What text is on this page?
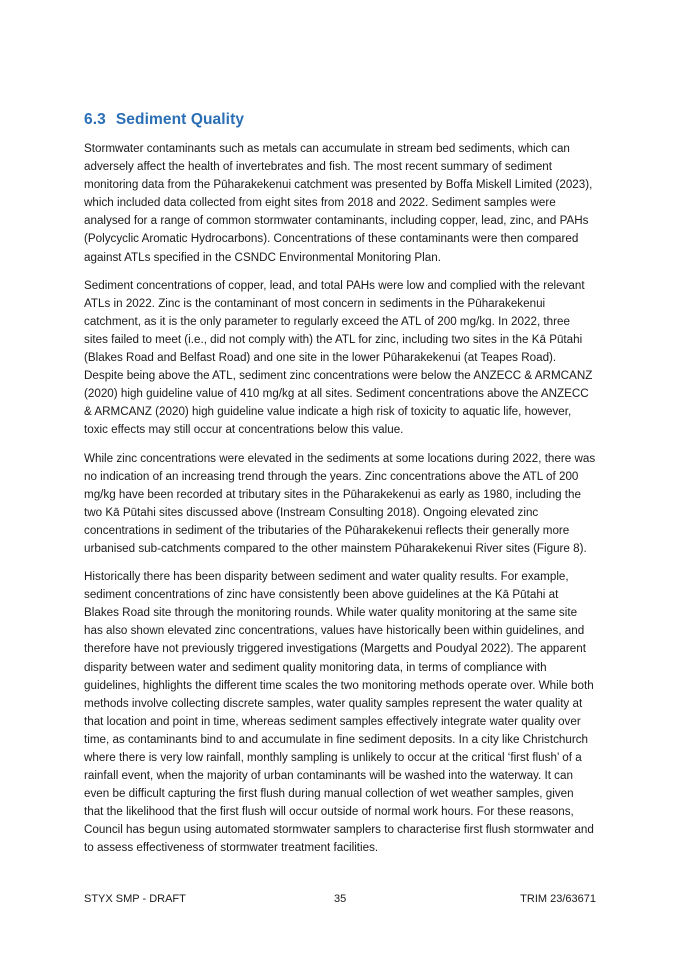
6.3 Sediment Quality

Stormwater contaminants such as metals can accumulate in stream bed sediments, which can adversely affect the health of invertebrates and fish. The most recent summary of sediment monitoring data from the Pūharakekenui catchment was presented by Boffa Miskell Limited (2023), which included data collected from eight sites from 2018 and 2022. Sediment samples were analysed for a range of common stormwater contaminants, including copper, lead, zinc, and PAHs (Polycyclic Aromatic Hydrocarbons). Concentrations of these contaminants were then compared against ATLs specified in the CSNDC Environmental Monitoring Plan.

Sediment concentrations of copper, lead, and total PAHs were low and complied with the relevant ATLs in 2022. Zinc is the contaminant of most concern in sediments in the Pūharakekenui catchment, as it is the only parameter to regularly exceed the ATL of 200 mg/kg. In 2022, three sites failed to meet (i.e., did not comply with) the ATL for zinc, including two sites in the Kā Pūtahi (Blakes Road and Belfast Road) and one site in the lower Pūharakekenui (at Teapes Road). Despite being above the ATL, sediment zinc concentrations were below the ANZECC & ARMCANZ (2020) high guideline value of 410 mg/kg at all sites. Sediment concentrations above the ANZECC & ARMCANZ (2020) high guideline value indicate a high risk of toxicity to aquatic life, however, toxic effects may still occur at concentrations below this value.

While zinc concentrations were elevated in the sediments at some locations during 2022, there was no indication of an increasing trend through the years. Zinc concentrations above the ATL of 200 mg/kg have been recorded at tributary sites in the Pūharakekenui as early as 1980, including the two Kā Pūtahi sites discussed above (Instream Consulting 2018). Ongoing elevated zinc concentrations in sediment of the tributaries of the Pūharakekenui reflects their generally more urbanised sub-catchments compared to the other mainstem Pūharakekenui River sites (Figure 8).

Historically there has been disparity between sediment and water quality results. For example, sediment concentrations of zinc have consistently been above guidelines at the Kā Pūtahi at Blakes Road site through the monitoring rounds. While water quality monitoring at the same site has also shown elevated zinc concentrations, values have historically been within guidelines, and therefore have not previously triggered investigations (Margetts and Poudyal 2022). The apparent disparity between water and sediment quality monitoring data, in terms of compliance with guidelines, highlights the different time scales the two monitoring methods operate over. While both methods involve collecting discrete samples, water quality samples represent the water quality at that location and point in time, whereas sediment samples effectively integrate water quality over time, as contaminants bind to and accumulate in fine sediment deposits. In a city like Christchurch where there is very low rainfall, monthly sampling is unlikely to occur at the critical ‘first flush’ of a rainfall event, when the majority of urban contaminants will be washed into the waterway. It can even be difficult capturing the first flush during manual collection of wet weather samples, given that the likelihood that the first flush will occur outside of normal work hours. For these reasons, Council has begun using automated stormwater samplers to characterise first flush stormwater and to assess effectiveness of stormwater treatment facilities.

STYX SMP - DRAFT	35	TRIM 23/63671
